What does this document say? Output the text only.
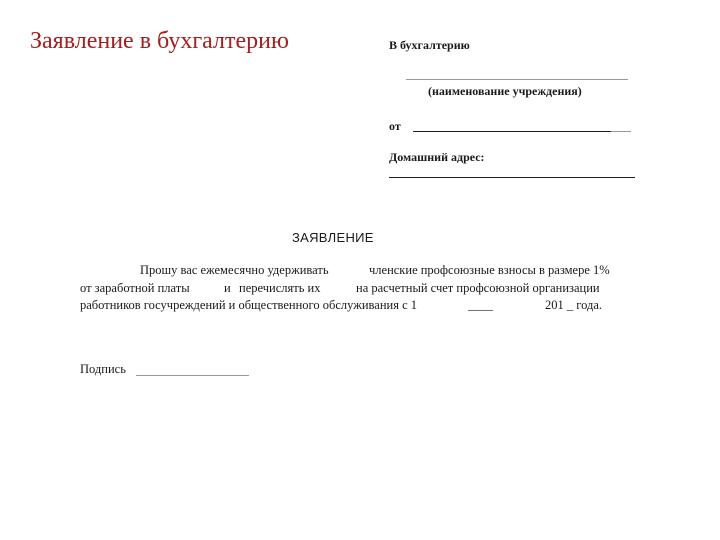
Заявление в бухгалтерию	В бухгалтерию
(наименование учреждения)
от
Домашний адрес:
ЗАЯВЛЕНИЕ
Прошу вас ежемесячно удерживать	членские профсоюзные взносы в размере 1%
от заработной платы	и перечислять их	на расчетный счет профсоюзной организации
работников госучреждений и общественного обслуживания с 1	____	201 _ года.
Подпись
